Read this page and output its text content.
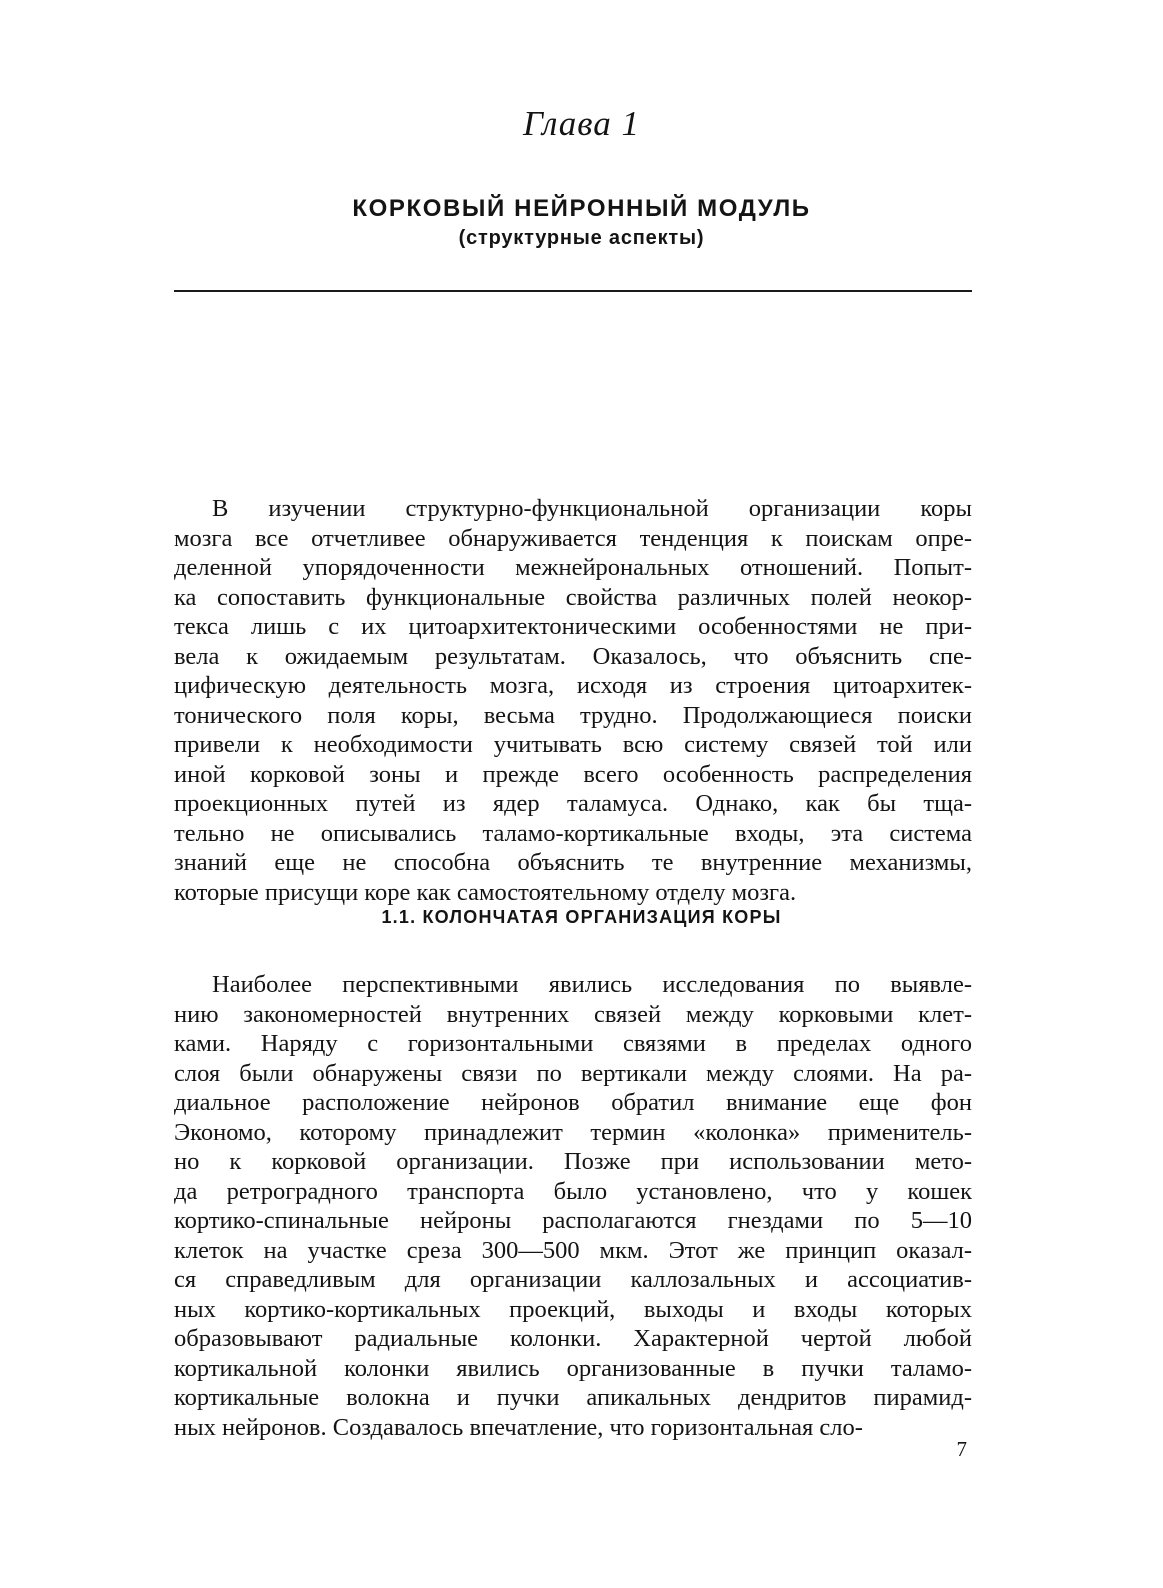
Глава 1
КОРКОВЫЙ НЕЙРОННЫЙ МОДУЛЬ
(структурные аспекты)
В изучении структурно-функциональной организации коры
мозга все отчетливее обнаруживается тенденция к поискам опре-
деленной упорядоченности межнейрональных отношений. Попыт-
ка сопоставить функциональные свойства различных полей неокор-
текса лишь с их цитоархитектоническими особенностями не при-
вела к ожидаемым результатам. Оказалось, что объяснить спе-
цифическую деятельность мозга, исходя из строения цитоархитек-
тонического поля коры, весьма трудно. Продолжающиеся поиски
привели к необходимости учитывать всю систему связей той или
иной корковой зоны и прежде всего особенность распределения
проекционных путей из ядер таламуса. Однако, как бы тща-
тельно не описывались таламо-кортикальные входы, эта система
знаний еще не способна объяснить те внутренние механизмы,
которые присущи коре как самостоятельному отделу мозга.
1.1. КОЛОНЧАТАЯ ОРГАНИЗАЦИЯ КОРЫ
Наиболее перспективными явились исследования по выявле-
нию закономерностей внутренних связей между корковыми клет-
ками. Наряду с горизонтальными связями в пределах одного
слоя были обнаружены связи по вертикали между слоями. На ра-
диальное расположение нейронов обратил внимание еще фон
Экономо, которому принадлежит термин «колонка» применитель-
но к корковой организации. Позже при использовании мето-
да ретроградного транспорта было установлено, что у кошек
кортико-спинальные нейроны располагаются гнездами по 5—10
клеток на участке среза 300—500 мкм. Этот же принцип оказал-
ся справедливым для организации каллозальных и ассоциатив-
ных кортико-кортикальных проекций, выходы и входы которых
образовывают радиальные колонки. Характерной чертой любой
кортикальной колонки явились организованные в пучки таламо-
кортикальные волокна и пучки апикальных дендритов пирамид-
ных нейронов. Создавалось впечатление, что горизонтальная сло-
7
